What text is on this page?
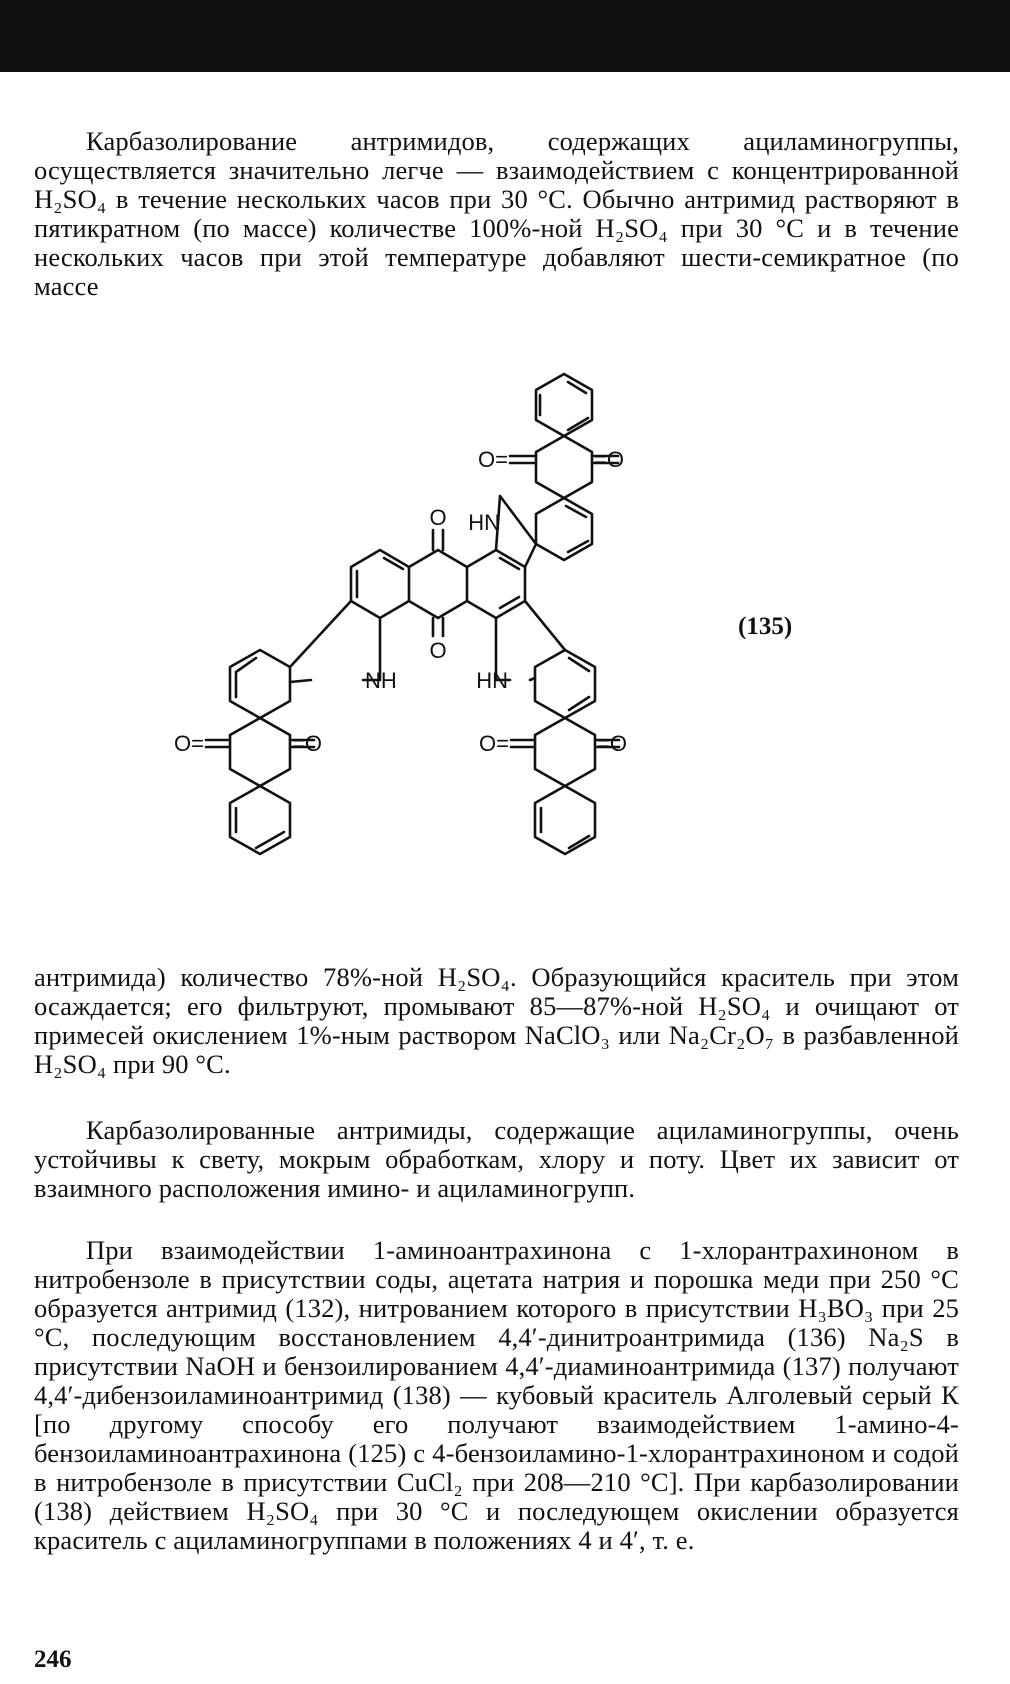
Карбазолирование антримидов, содержащих ациламиногруппы, осуществляется значительно легче — взаимодействием с концентрированной H₂SO₄ в течение нескольких часов при 30 °С. Обычно антримид растворяют в пятикратном (по массе) количестве 100%-ной H₂SO₄ при 30 °С и в течение нескольких часов при этой температуре добавляют шести-семикратное (по массе

O
O
O=	=O
O=	=O	O=	=O
HN
NH	HN
(135)

антримида) количество 78%-ной H₂SO₄. Образующийся краситель при этом осаждается; его фильтруют, промывают 85—87%-ной H₂SO₄ и очищают от примесей окислением 1%-ным раствором NaClO₃ или Na₂Cr₂O₇ в разбавленной H₂SO₄ при 90 °С.

Карбазолированные антримиды, содержащие ациламиногруппы, очень устойчивы к свету, мокрым обработкам, хлору и поту. Цвет их зависит от взаимного расположения имино- и ациламиногрупп.

При взаимодействии 1-аминоантрахинона с 1-хлорантрахиноном в нитробензоле в присутствии соды, ацетата натрия и порошка меди при 250 °С образуется антримид (132), нитрованием которого в присутствии H₃BO₃ при 25 °С, последующим восстановлением 4,4′-динитроантримида (136) Na₂S в присутствии NaOH и бензоилированием 4,4′-диаминоантримида (137) получают 4,4′-дибензоиламиноантримид (138) — кубовый краситель Алголевый серый К [по другому способу его получают взаимодействием 1-амино-4-бензоиламиноантрахинона (125) с 4-бензоиламино-1-хлорантрахиноном и содой в нитробензоле в присутствии CuCl₂ при 208—210 °С]. При карбазолировании (138) действием H₂SO₄ при 30 °С и последующем окислении образуется краситель с ациламиногруппами в положениях 4 и 4′, т. е.

246
